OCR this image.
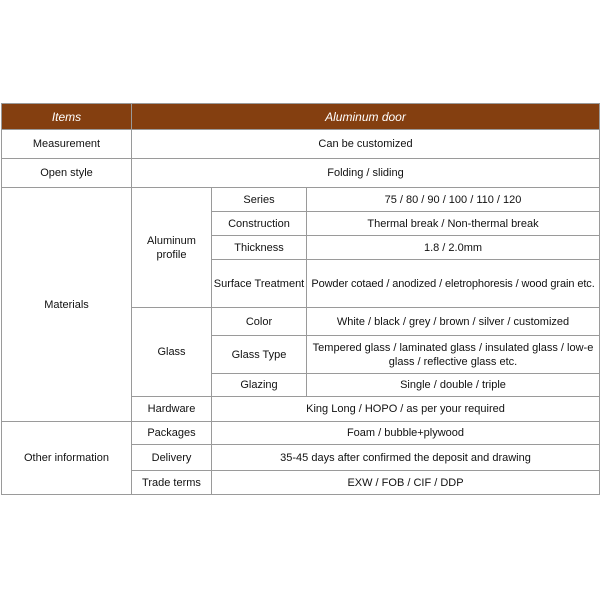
Items	Aluminum door		
Measurement	Can be customized		
Open style	Folding / sliding		
Materials	Aluminum profile	Series	75 / 80 / 90 / 100 / 110 / 120
		Construction	Thermal break / Non-thermal break
		Thickness	1.8 / 2.0mm
		Surface Treatment	Powder cotaed / anodized / eletrophoresis / wood grain etc.
	Glass	Color	White / black / grey / brown / silver / customized
		Glass Type	Tempered glass / laminated glass / insulated glass / low-e glass / reflective glass etc.
		Glazing	Single / double / triple
	Hardware	King Long / HOPO / as per your required	
Other information	Packages	Foam / bubble+plywood	
	Delivery	35-45 days after confirmed the deposit and drawing	
	Trade terms	EXW / FOB / CIF / DDP	
